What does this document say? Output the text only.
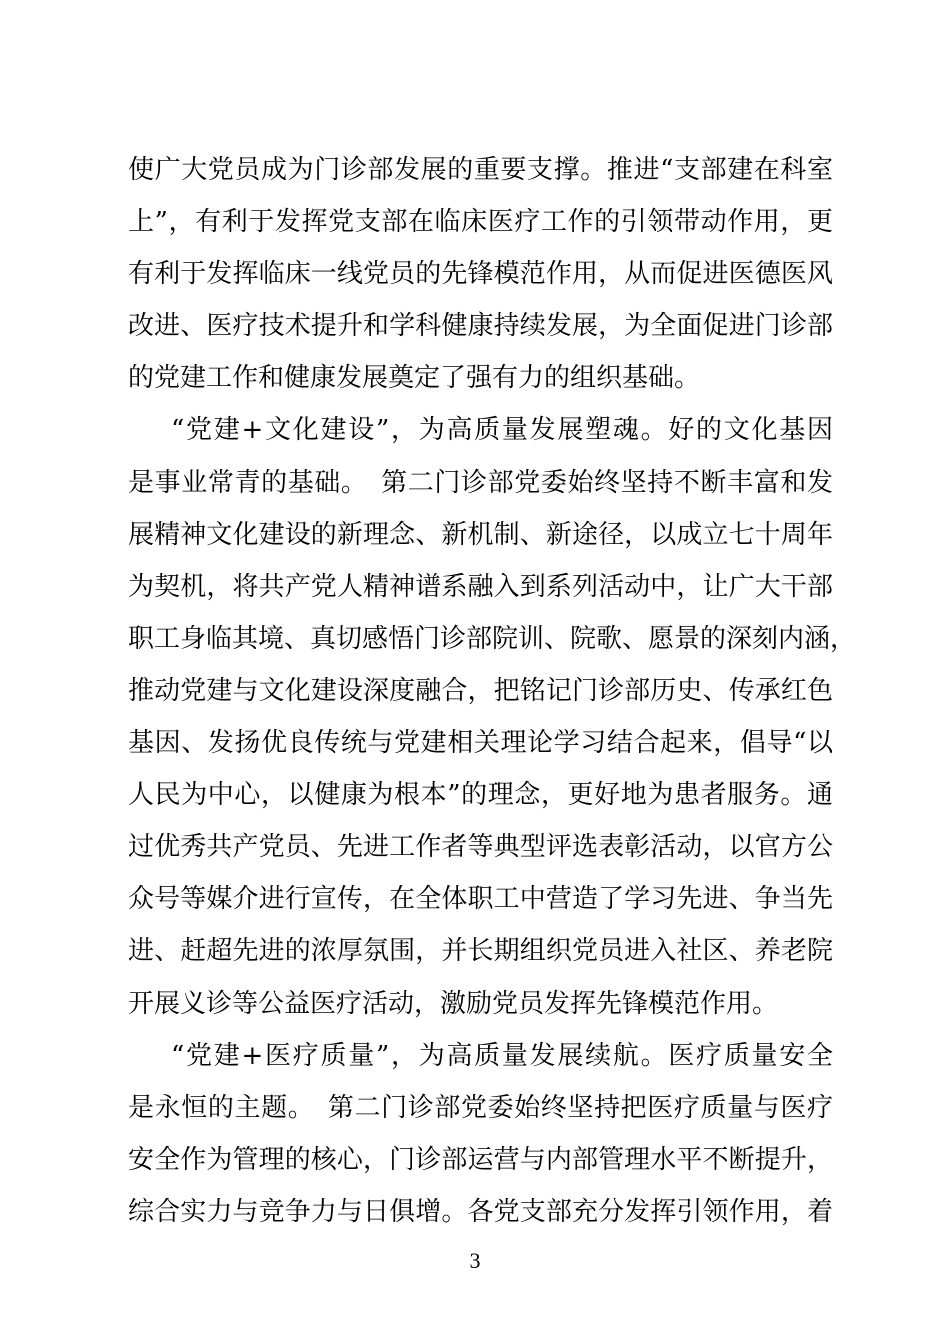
使广大党员成为门诊部发展的重要支撑。推进“支部建在科室
上”，有利于发挥党支部在临床医疗工作的引领带动作用，更
有利于发挥临床一线党员的先锋模范作用，从而促进医德医风
改进、医疗技术提升和学科健康持续发展，为全面促进门诊部
的党建工作和健康发展奠定了强有力的组织基础。
“党建+文化建设”，为高质量发展塑魂。好的文化基因
是事业常青的基础。　第二门诊部党委始终坚持不断丰富和发
展精神文化建设的新理念、新机制、新途径，以成立七十周年
为契机，将共产党人精神谱系融入到系列活动中，让广大干部
职工身临其境、真切感悟门诊部院训、院歌、愿景的深刻内涵，
推动党建与文化建设深度融合，把铭记门诊部历史、传承红色
基因、发扬优良传统与党建相关理论学习结合起来，倡导“以
人民为中心，以健康为根本”的理念，更好地为患者服务。通
过优秀共产党员、先进工作者等典型评选表彰活动，以官方公
众号等媒介进行宣传，在全体职工中营造了学习先进、争当先
进、赶超先进的浓厚氛围，并长期组织党员进入社区、养老院
开展义诊等公益医疗活动，激励党员发挥先锋模范作用。
“党建+医疗质量”，为高质量发展续航。医疗质量安全
是永恒的主题。　第二门诊部党委始终坚持把医疗质量与医疗
安全作为管理的核心，门诊部运营与内部管理水平不断提升，
综合实力与竞争力与日俱增。各党支部充分发挥引领作用，着
3
